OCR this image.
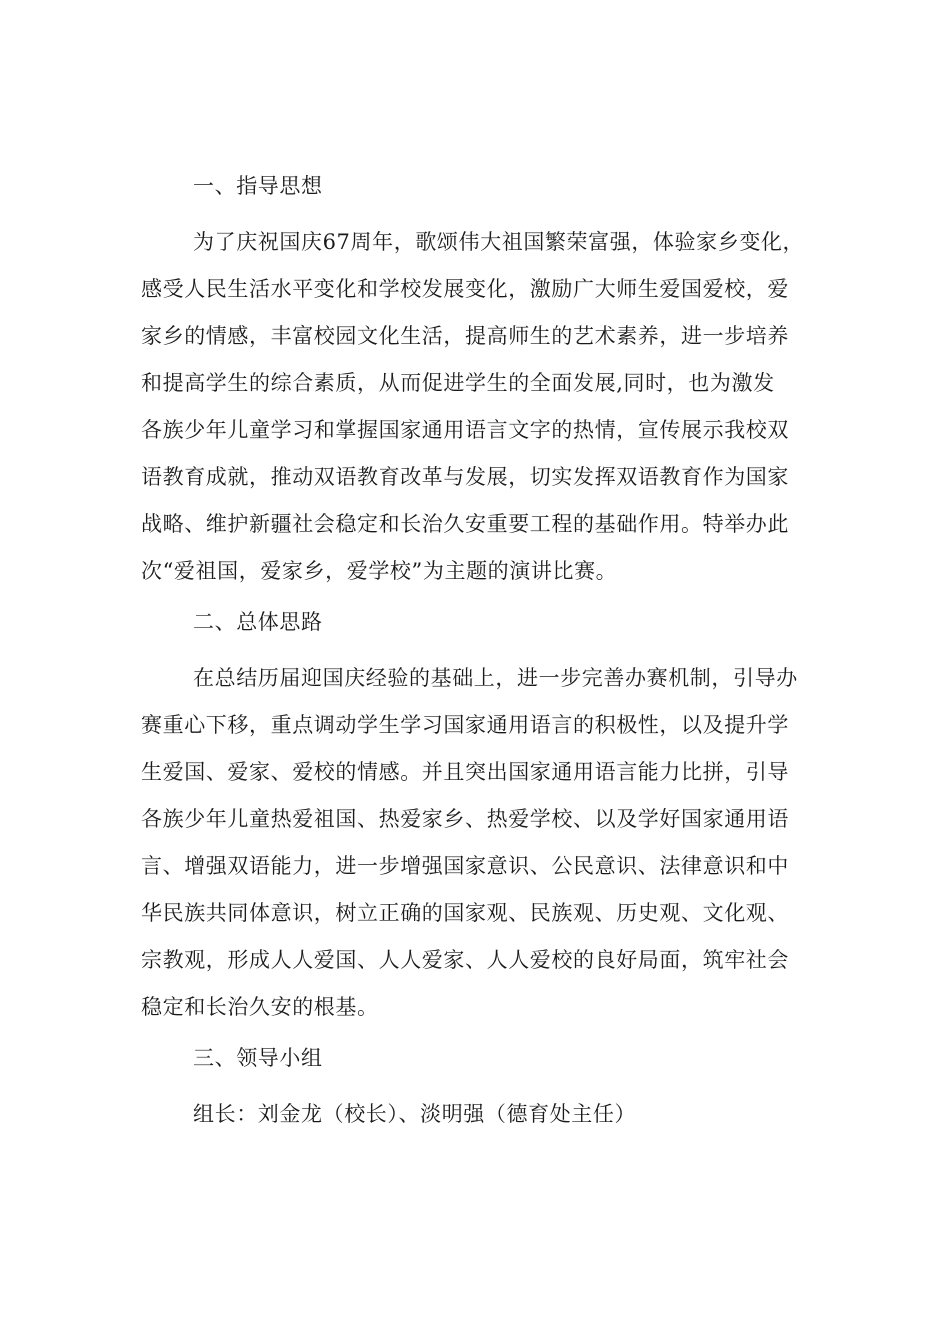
一、指导思想
为了庆祝国庆67周年，歌颂伟大祖国繁荣富强，体验家乡变化，
感受人民生活水平变化和学校发展变化，激励广大师生爱国爱校，爱
家乡的情感，丰富校园文化生活，提高师生的艺术素养，进一步培养
和提高学生的综合素质，从而促进学生的全面发展,同时，也为激发
各族少年儿童学习和掌握国家通用语言文字的热情，宣传展示我校双
语教育成就，推动双语教育改革与发展，切实发挥双语教育作为国家
战略、维护新疆社会稳定和长治久安重要工程的基础作用。特举办此
次“爱祖国，爱家乡，爱学校”为主题的演讲比赛。
二、总体思路
在总结历届迎国庆经验的基础上，进一步完善办赛机制，引导办
赛重心下移，重点调动学生学习国家通用语言的积极性，以及提升学
生爱国、爱家、爱校的情感。并且突出国家通用语言能力比拼，引导
各族少年儿童热爱祖国、热爱家乡、热爱学校、以及学好国家通用语
言、增强双语能力，进一步增强国家意识、公民意识、法律意识和中
华民族共同体意识，树立正确的国家观、民族观、历史观、文化观、
宗教观，形成人人爱国、人人爱家、人人爱校的良好局面，筑牢社会
稳定和长治久安的根基。
三、领导小组
组长：刘金龙（校长）、淡明强（德育处主任）
